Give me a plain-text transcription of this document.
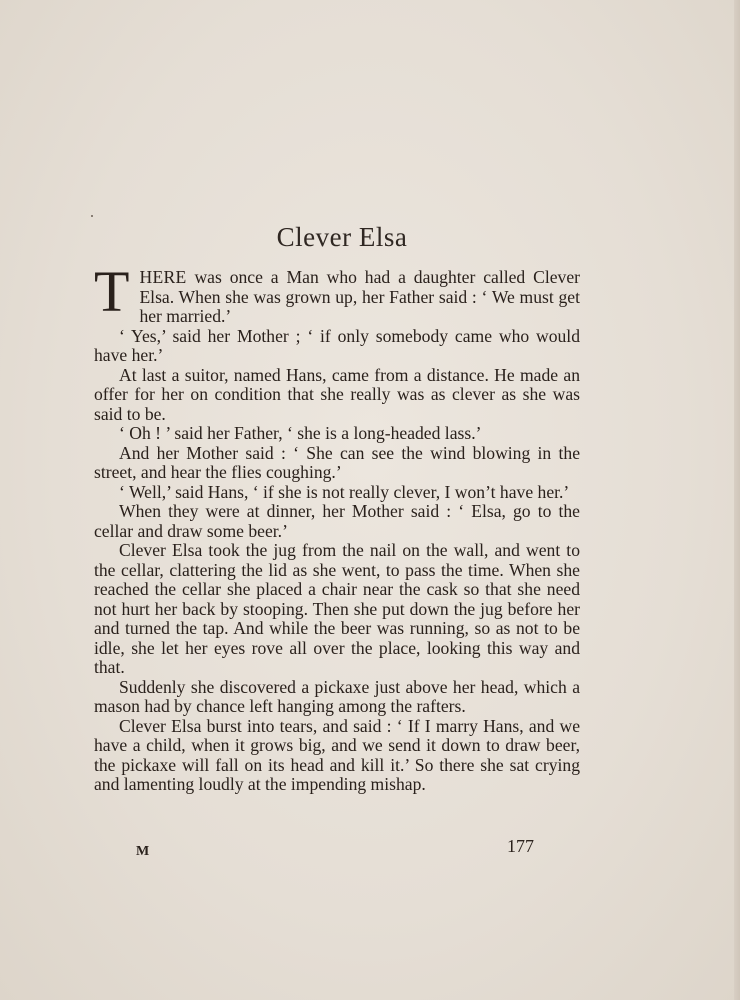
Clever Elsa

THERE was once a Man who had a daughter called Clever Elsa. When she was grown up, her Father said : ‘ We must get her married.’

‘ Yes,’ said her Mother ; ‘ if only somebody came who would have her.’

At last a suitor, named Hans, came from a distance. He made an offer for her on condition that she really was as clever as she was said to be.

‘ Oh ! ’ said her Father, ‘ she is a long-headed lass.’

And her Mother said : ‘ She can see the wind blowing in the street, and hear the flies coughing.’

‘ Well,’ said Hans, ‘ if she is not really clever, I won’t have her.’

When they were at dinner, her Mother said : ‘ Elsa, go to the cellar and draw some beer.’

Clever Elsa took the jug from the nail on the wall, and went to the cellar, clattering the lid as she went, to pass the time. When she reached the cellar she placed a chair near the cask so that she need not hurt her back by stooping. Then she put down the jug before her and turned the tap. And while the beer was running, so as not to be idle, she let her eyes rove all over the place, looking this way and that.

Suddenly she discovered a pickaxe just above her head, which a mason had by chance left hanging among the rafters.

Clever Elsa burst into tears, and said : ‘ If I marry Hans, and we have a child, when it grows big, and we send it down to draw beer, the pickaxe will fall on its head and kill it.’ So there she sat crying and lamenting loudly at the impending mishap.

M	177
